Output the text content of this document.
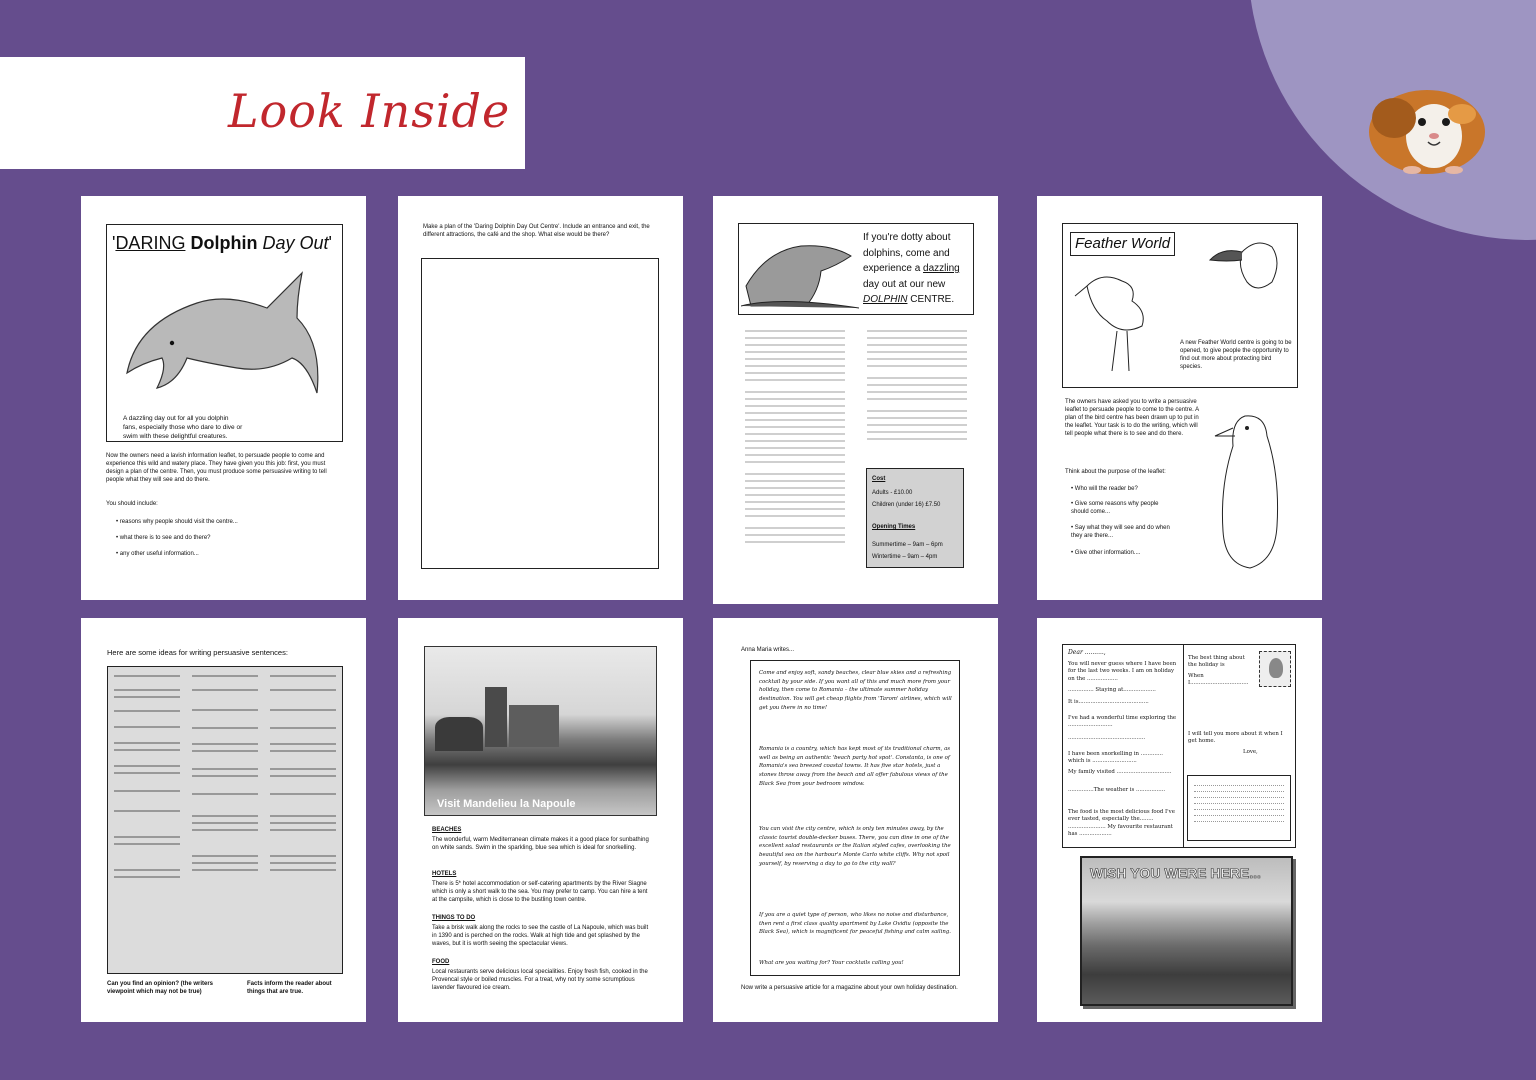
Look Inside
'DARING Dolphin Day Out'
A dazzling day out for all you dolphin fans, especially those who dare to dive or swim with these delightful creatures.
Now the owners need a lavish information leaflet, to persuade people to come and experience this wild and watery place. They have given you this job: first, you must design a plan of the centre. Then, you must produce some persuasive writing to tell people what they will see and do there.
You should include:
• reasons why people should visit the centre...
• what there is to see and do there?
• any other useful information...
Make a plan of the 'Daring Dolphin Day Out Centre'. Include an entrance and exit, the different attractions, the café and the shop. What else would be there?	If you're dotty about dolphins, come and experience a dazzling day out at our new DOLPHIN CENTRE.
Cost
Adults - £10.00
Children (under 16) £7.50
Opening Times
Summertime – 9am – 6pm
Wintertime – 9am – 4pm
Feather World
A new Feather World centre is going to be opened, to give people the opportunity to find out more about protecting bird species.
The owners have asked you to write a persuasive leaflet to persuade people to come to the centre. A plan of the bird centre has been drawn up to put in the leaflet. Your task is to do the writing, which will tell people what there is to see and do there.
Think about the purpose of the leaflet:
• Who will the reader be?
• Give some reasons why people should come...
• Say what they will see and do when they are there...
• Give other information....
Here are some ideas for writing persuasive sentences:
Can you find an opinion? (the writers viewpoint which may not be true)
Facts inform the reader about things that are true.
Visit Mandelieu la Napoule
BEACHES
The wonderful, warm Mediterranean climate makes it a good place for sunbathing on white sands. Swim in the sparkling, blue sea which is ideal for snorkelling.
HOTELS
There is 5* hotel accommodation or self-catering apartments by the River Siagne which is only a short walk to the sea. You may prefer to camp. You can hire a tent at the campsite, which is close to the bustling town centre.
THINGS TO DO
Take a brisk walk along the rocks to see the castle of La Napoule, which was built in 1390 and is perched on the rocks. Walk at high tide and get splashed by the waves, but it is worth seeing the spectacular views.
FOOD
Local restaurants serve delicious local specialities. Enjoy fresh fish, cooked in the Provencal style or boiled muscles. For a treat, why not try some scrumptious lavender flavoured ice cream.
Anna Maria writes...
Come and enjoy soft, sandy beaches, clear blue skies and a refreshing cocktail by your side. If you want all of this and much more from your holiday, then come to Romania – the ultimate summer holiday destination. You will get cheap flights from 'Tarom' airlines, which will get you there in no time!
Romania is a country, which has kept most of its traditional charm, as well as being an authentic 'beach party hot spot'. Constanta, is one of Romania's sea breezed coastal towns. It has five star hotels, just a stones throw away from the beach and all offer fabulous views of the Black Sea from your bedroom window.
You can visit the city centre, which is only ten minutes away, by the classic tourist double-decker buses. There, you can dine in one of the excellent salad restaurants or the Italian styled cafes, overlooking the beautiful sea on the harbour's Monte Carlo white cliffs. Why not spoil yourself, by reserving a day to go to the city wall?
If you are a quiet type of person, who likes no noise and disturbance, then rent a first class quality apartment by Lake Ovidiu (opposite the Black Sea), which is magnificent for peaceful fishing and calm sailing.
What are you waiting for? Your cocktails calling you!
Now write a persuasive article for a magazine about your own holiday destination.
Dear ..........,
You will never guess where I have been for the last two weeks. I am on holiday on the ..................
............... Staying at...................
It is.........................................
I've had a wonderful time exploring the ..........................
.............................................
I have been snorkelling in ............. which is ..........................
My family visited ................................
...............The weather is .................
The food is the most delicious food I've ever tasted, especially the........ ...................... My favourite restaurant has ...................
The best thing about the holiday is
When I..................................
I will tell you more about it when I get home.
Love,
WISH YOU WERE HERE...
